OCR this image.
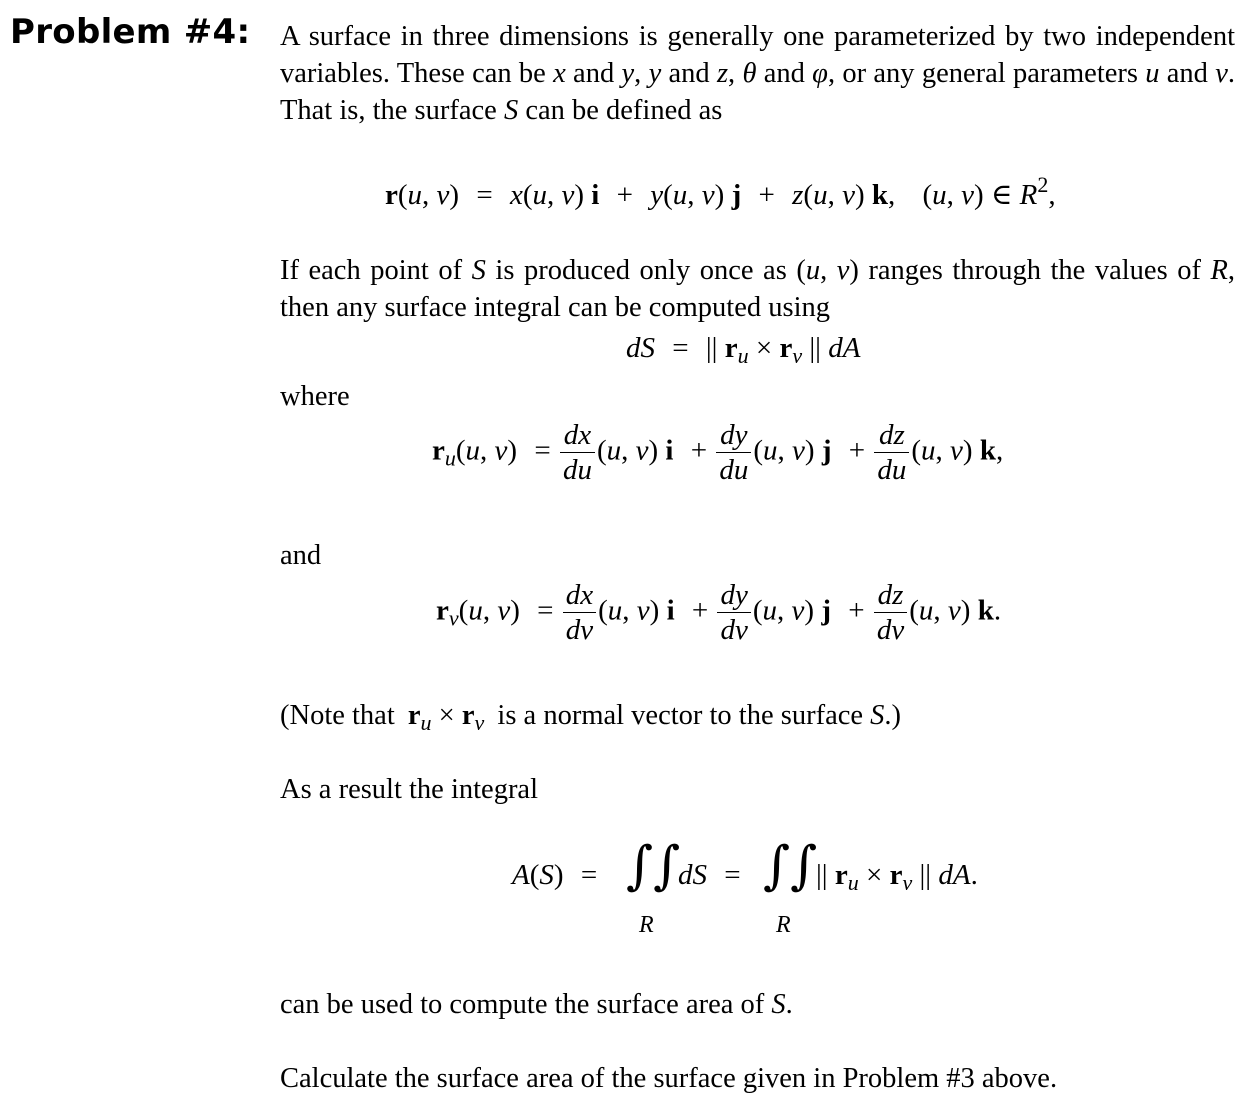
Problem #4: A surface in three dimensions is generally one parameterized by two independent variables. These can be x and y, y and z, θ and φ, or any general parameters u and v. That is, the surface S can be defined as
r(u, v) = x(u, v) i + y(u, v) j + z(u, v) k, (u, v) ∈ $R^2$,
If each point of S is produced only once as (u, v) ranges through the values of R, then any surface integral can be computed using
dS = || $r_u \times r_v$ || dA
where
$r_u(u$, $v) = \frac{dx}{du} (u$, v) $i + \frac{dy}{du} (u$, v) $j + \frac{dz}{du} (u$, v) k,
and
$r_v(u$, $v) = \frac{dx}{dv} (u$, v) $i + \frac{dy}{dv} (u$, v) $j + \frac{dz}{dv} (u$, v) k.
(Note that $r_u \times r_v$ is a normal vector to the surface S.)
As a result the integral
A(S) = ∫∫
R
dS = ∫∫
R
|| $r_u \times r_v$ || dA.
can be used to compute the surface area of S.
Calculate the surface area of the surface given in Problem #3 above.
